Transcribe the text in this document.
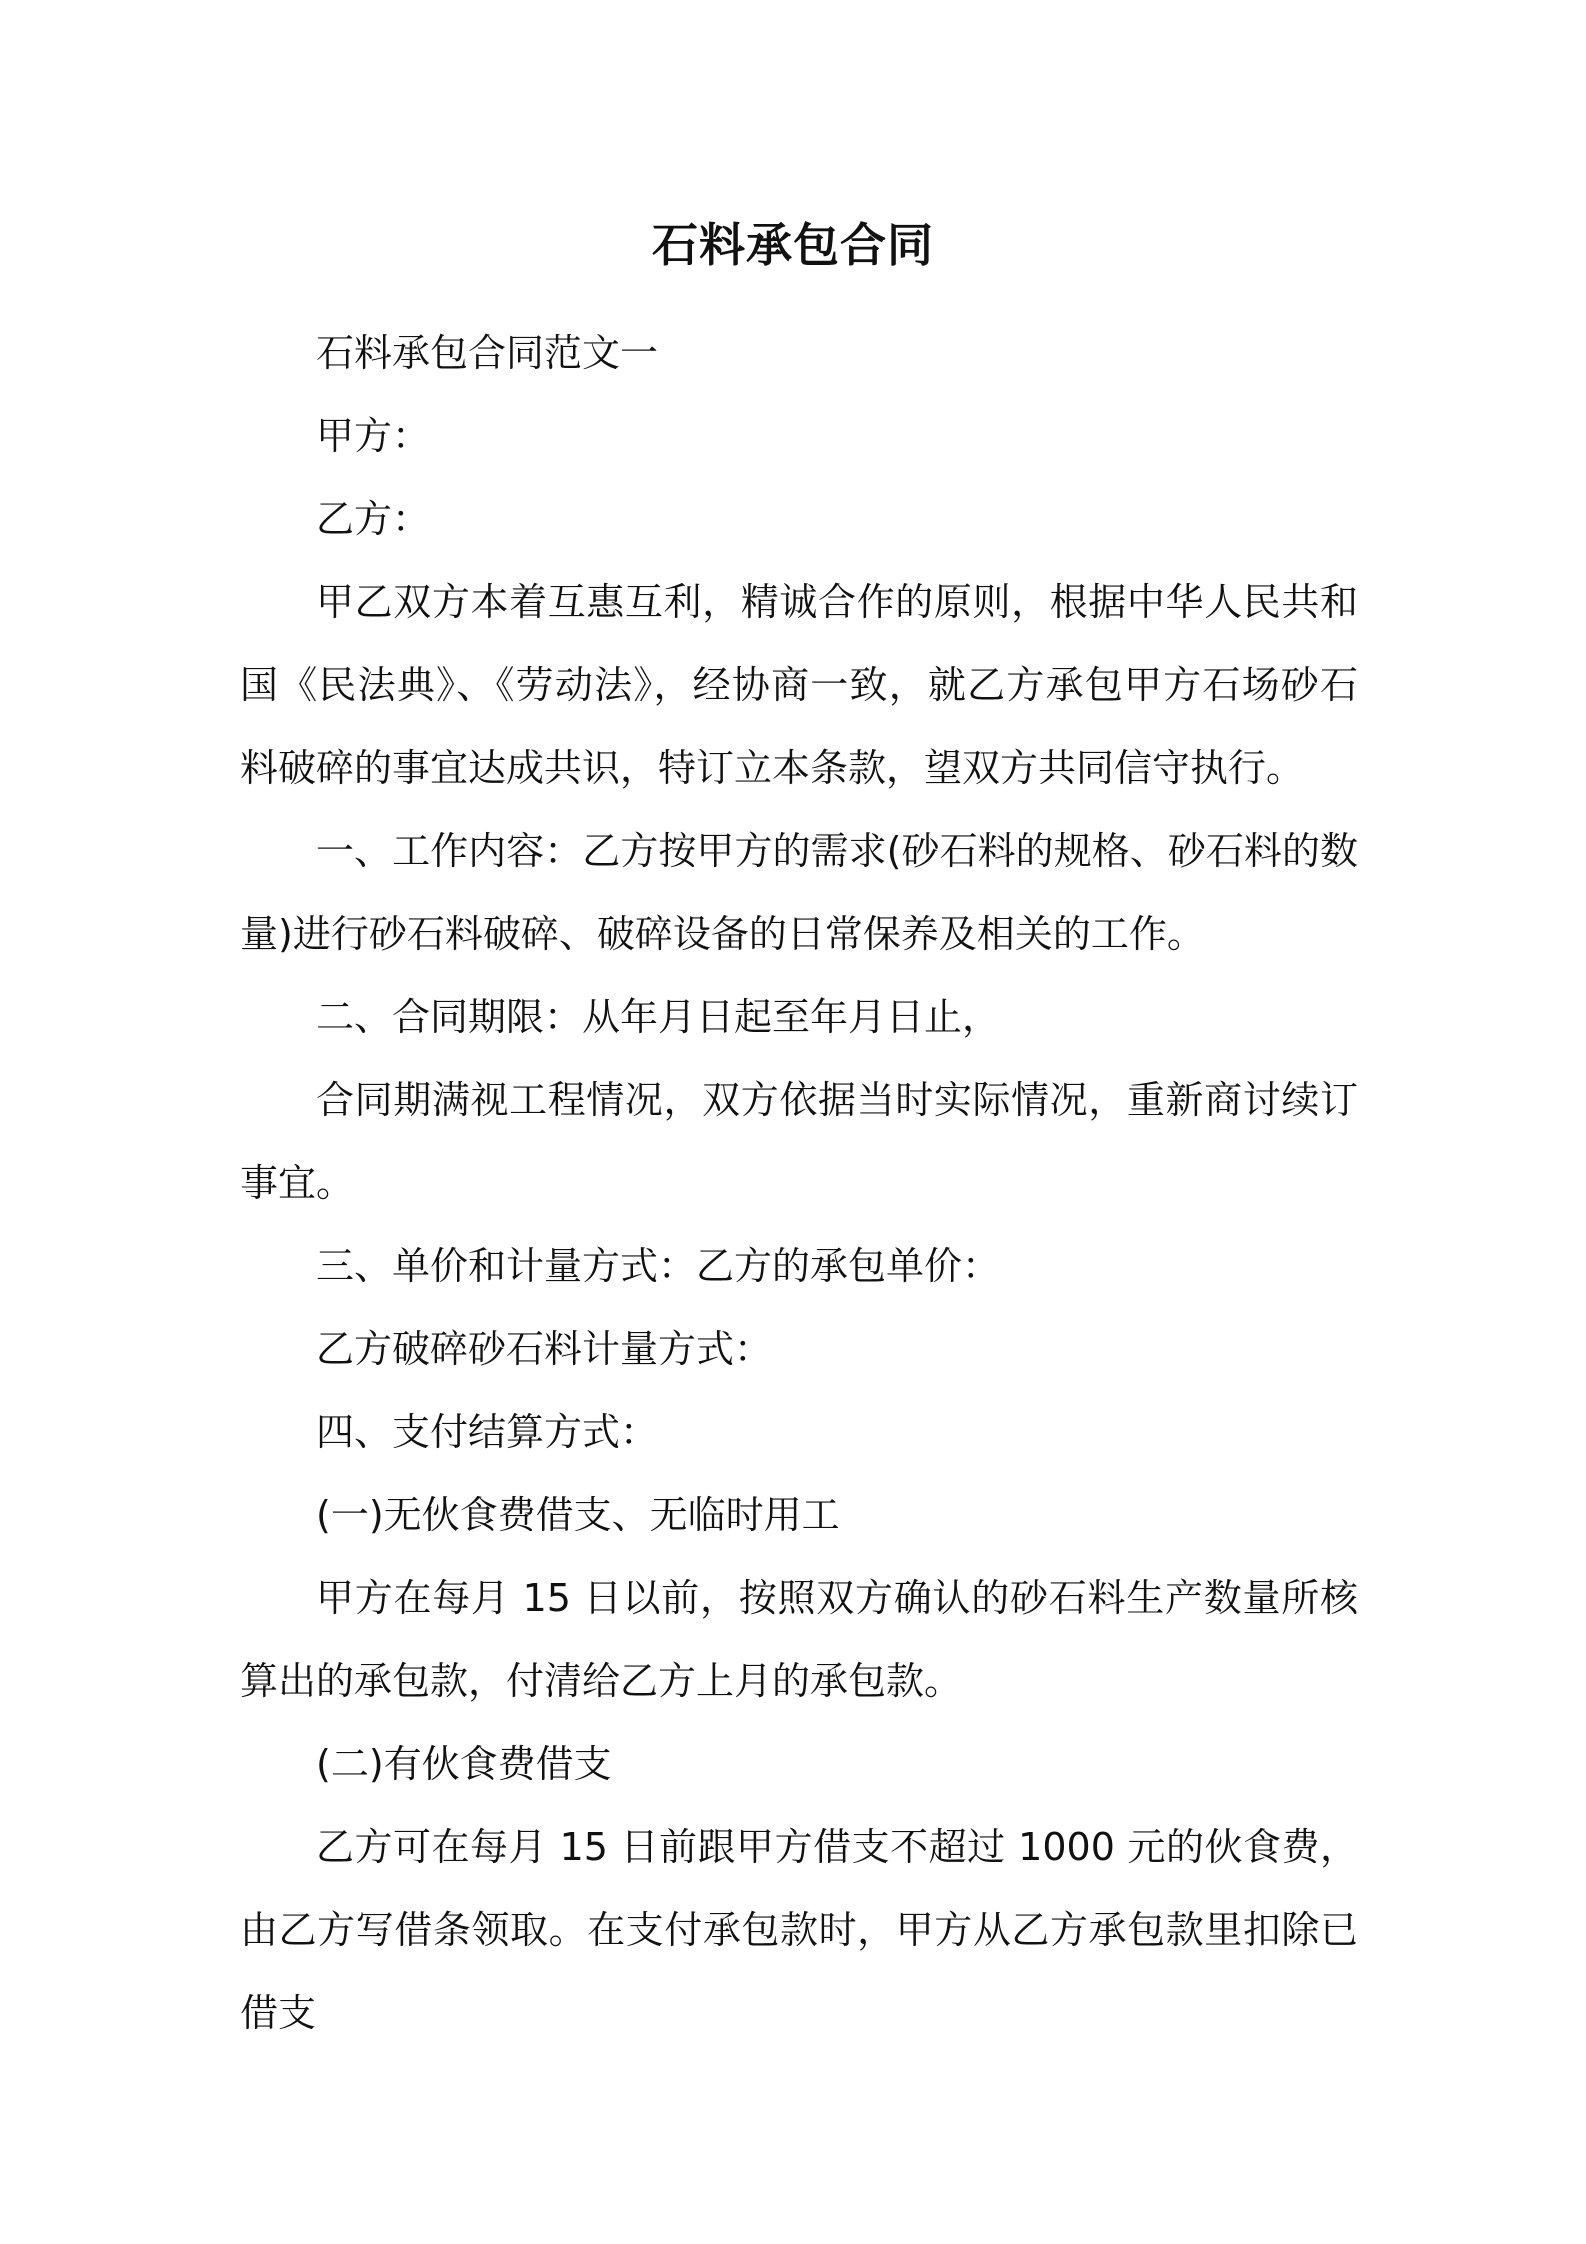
石料承包合同

石料承包合同范文一

甲方：

乙方：

甲乙双方本着互惠互利，精诚合作的原则，根据中华人民共和国《民法典》、《劳动法》，经协商一致，就乙方承包甲方石场砂石料破碎的事宜达成共识，特订立本条款，望双方共同信守执行。

一、工作内容：乙方按甲方的需求(砂石料的规格、砂石料的数量)进行砂石料破碎、破碎设备的日常保养及相关的工作。

二、合同期限：从年月日起至年月日止，

合同期满视工程情况，双方依据当时实际情况，重新商讨续订事宜。

三、单价和计量方式：乙方的承包单价：

乙方破碎砂石料计量方式：

四、支付结算方式：

(一)无伙食费借支、无临时用工

甲方在每月 15 日以前，按照双方确认的砂石料生产数量所核算出的承包款，付清给乙方上月的承包款。

(二)有伙食费借支

乙方可在每月 15 日前跟甲方借支不超过 1000 元的伙食费，由乙方写借条领取。在支付承包款时，甲方从乙方承包款里扣除已借支
